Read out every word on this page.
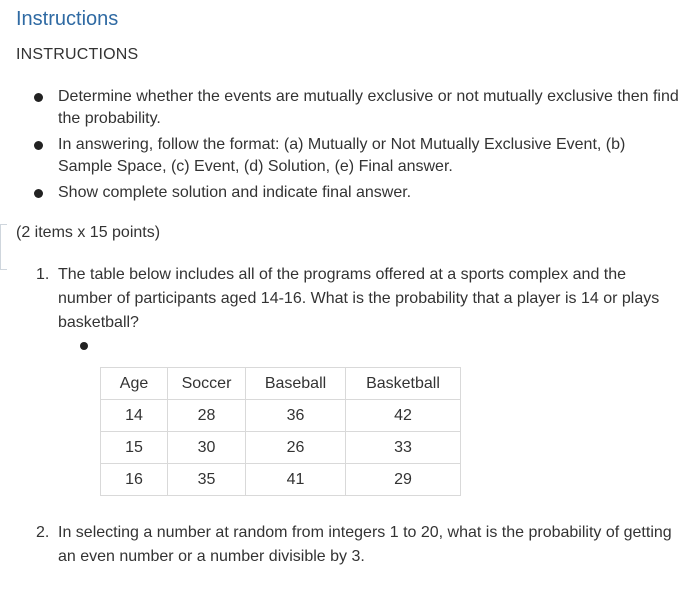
Instructions
INSTRUCTIONS
Determine whether the events are mutually exclusive or not mutually exclusive then find the probability.
In answering, follow the format: (a) Mutually or Not Mutually Exclusive Event, (b) Sample Space, (c) Event, (d) Solution, (e) Final answer.
Show complete solution and indicate final answer.

(2 items x 15 points)

1. The table below includes all of the programs offered at a sports complex and the number of participants aged 14-16. What is the probability that a player is 14 or plays basketball?
Age	Soccer	Baseball	Basketball
14	28	36	42
15	30	26	33
16	35	41	29
2. In selecting a number at random from integers 1 to 20, what is the probability of getting an even number or a number divisible by 3.
